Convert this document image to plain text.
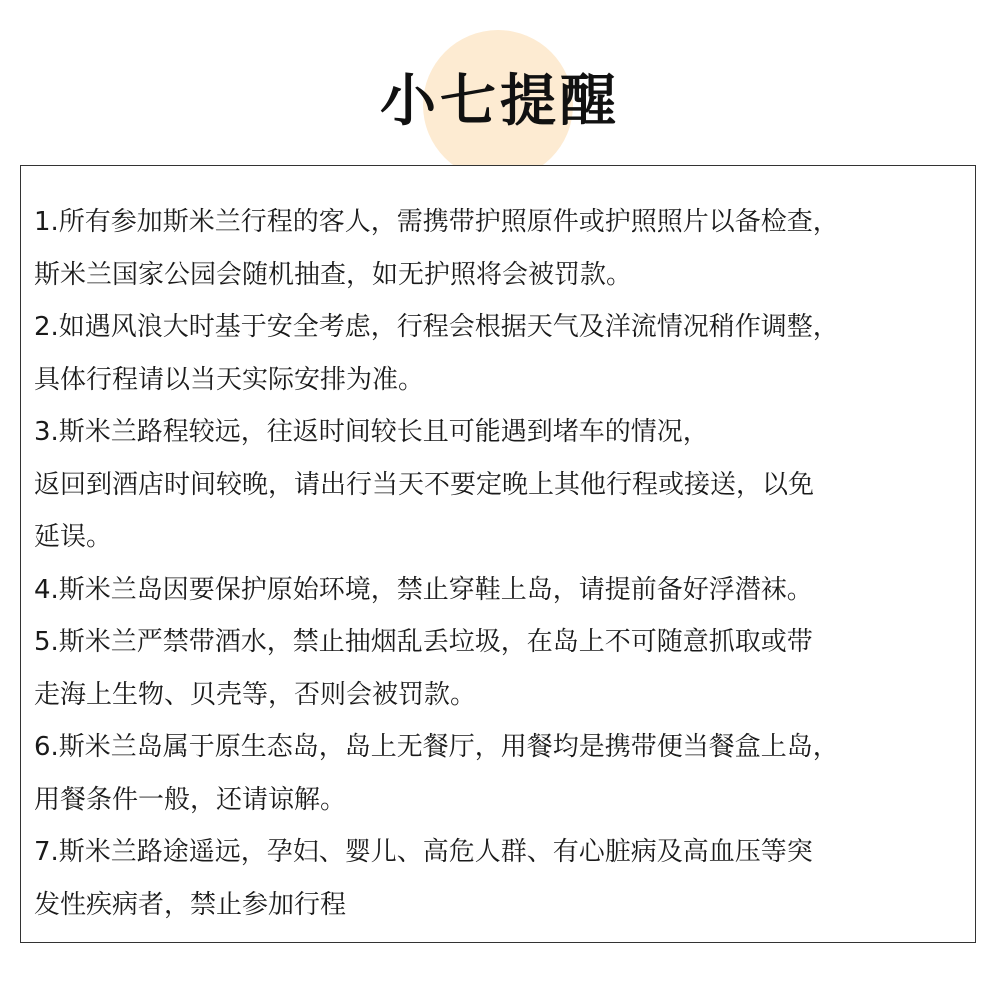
小七提醒
1.所有参加斯米兰行程的客人，需携带护照原件或护照照片以备检查，
斯米兰国家公园会随机抽查，如无护照将会被罚款。
2.如遇风浪大时基于安全考虑，行程会根据天气及洋流情况稍作调整，
具体行程请以当天实际安排为准。
3.斯米兰路程较远，往返时间较长且可能遇到堵车的情况，
返回到酒店时间较晚，请出行当天不要定晚上其他行程或接送，以免
延误。
4.斯米兰岛因要保护原始环境，禁止穿鞋上岛，请提前备好浮潜袜。
5.斯米兰严禁带酒水，禁止抽烟乱丢垃圾，在岛上不可随意抓取或带
走海上生物、贝壳等，否则会被罚款。
6.斯米兰岛属于原生态岛，岛上无餐厅，用餐均是携带便当餐盒上岛，
用餐条件一般，还请谅解。
7.斯米兰路途遥远，孕妇、婴儿、高危人群、有心脏病及高血压等突
发性疾病者，禁止参加行程
